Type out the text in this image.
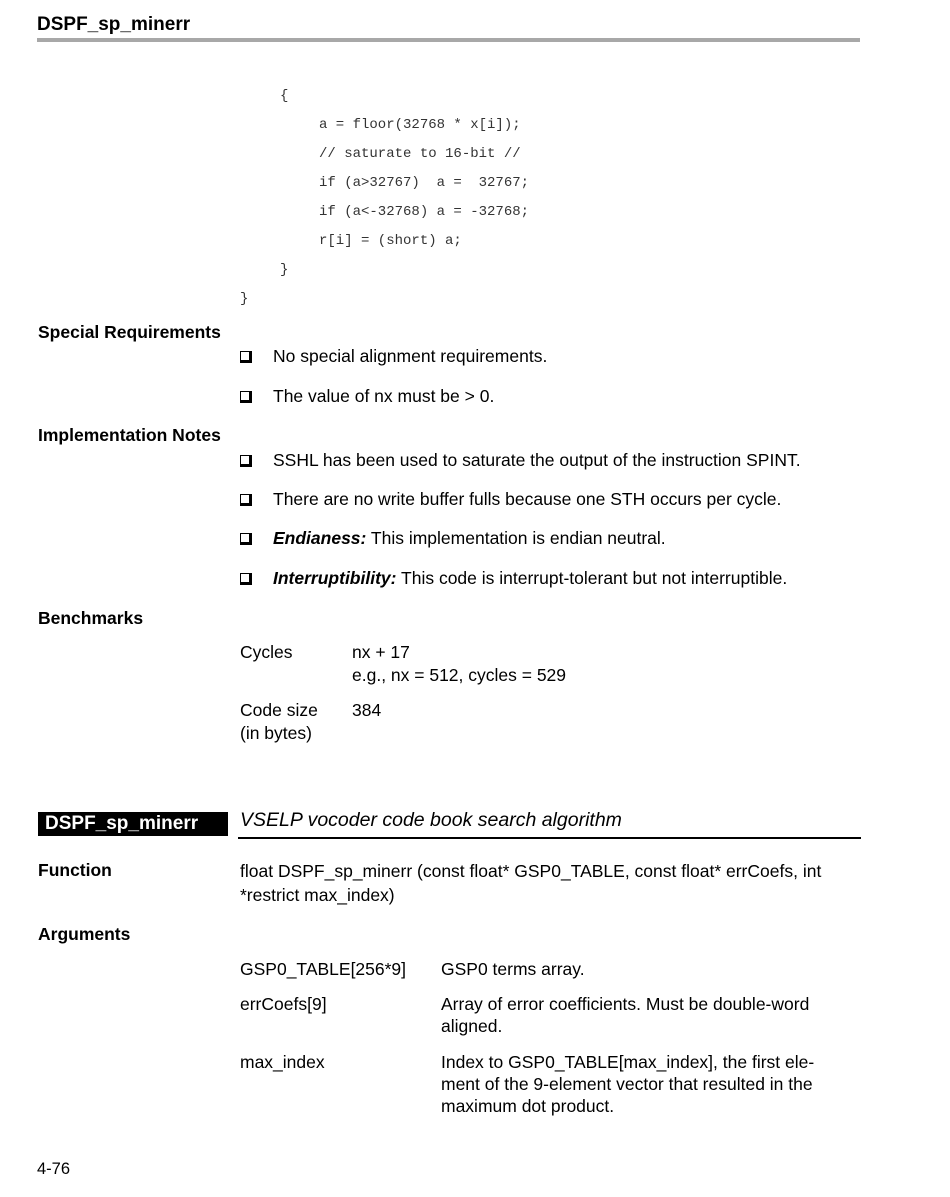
DSPF_sp_minerr
{
a = floor(32768 * x[i]);
// saturate to 16-bit //
if (a>32767)  a =  32767;
if (a<-32768) a = -32768;
r[i] = (short) a;
}
}
Special Requirements
No special alignment requirements.
The value of nx must be > 0.
Implementation Notes
SSHL has been used to saturate the output of the instruction SPINT.
There are no write buffer fulls because one STH occurs per cycle.
Endianess: This implementation is endian neutral.
Interruptibility: This code is interrupt-tolerant but not interruptible.
Benchmarks
Cycles	nx + 17
e.g., nx = 512, cycles = 529
Code size
(in bytes)
384
DSPF_sp_minerr	VSELP vocoder code book search algorithm
Function	float DSPF_sp_minerr (const float* GSP0_TABLE, const float* errCoefs, int
*restrict max_index)
Arguments
GSP0_TABLE[256*9] GSP0 terms array.
errCoefs[9]	Array of error coefficients. Must be double-word
aligned.
max_index	Index to GSP0_TABLE[max_index], the first ele-
ment of the 9-element vector that resulted in the
maximum dot product.
4-76
